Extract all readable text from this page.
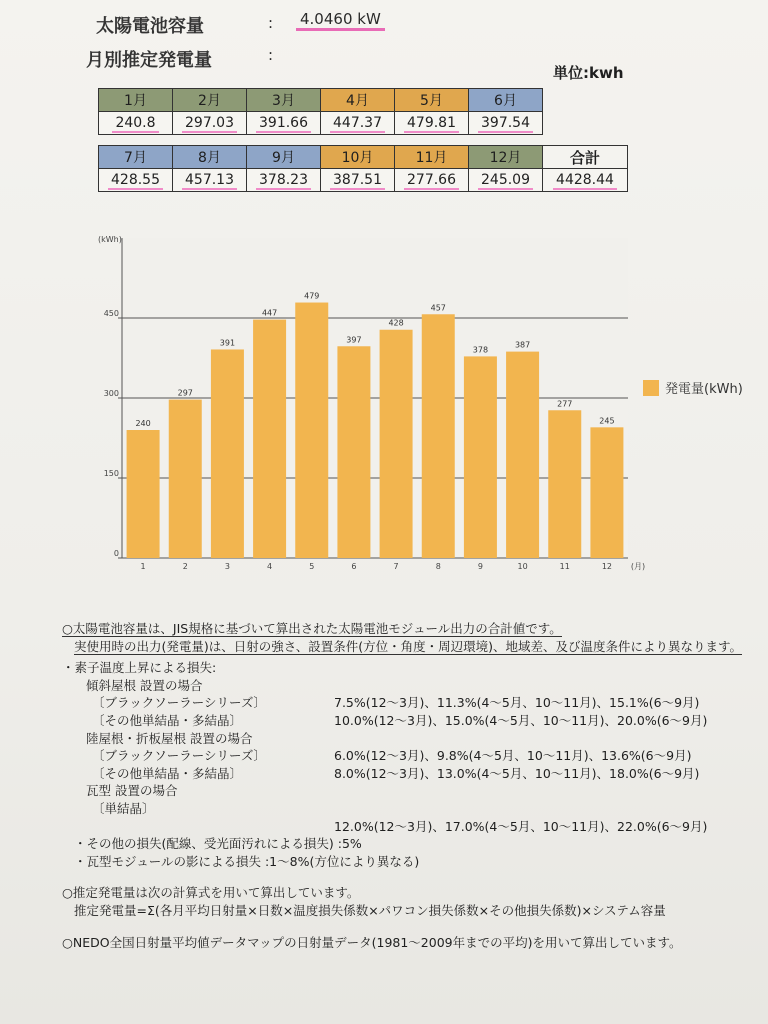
太陽電池容量	: 4.0460 kW
月別推定発電量	:
単位:kwh
1月	2月	3月	4月	5月	6月
240.8	297.03	391.66	447.37	479.81	397.54
7月	8月	9月	10月	11月	12月	合計
428.55	457.13	378.23	387.51	277.66	245.09	4428.44
0
150
300
450
(kWh)
240
1
297
2
391
3
447
4
479
5
397
6
428
7
457
8
378
9
387
10
277
11
245
12 (月)
発電量(kWh)
○太陽電池容量は、JIS規格に基づいて算出された太陽電池モジュール出力の合計値です。
実使用時の出力(発電量)は、日射の強さ、設置条件(方位・角度・周辺環境)、地域差、及び温度条件により異なります。
・素子温度上昇による損失:
傾斜屋根 設置の場合
〔ブラックソーラーシリーズ〕	7.5%(12〜3月)、11.3%(4〜5月、10〜11月)、15.1%(6〜9月)
〔その他単結晶・多結晶〕	10.0%(12〜3月)、15.0%(4〜5月、10〜11月)、20.0%(6〜9月)
陸屋根・折板屋根 設置の場合
〔ブラックソーラーシリーズ〕	6.0%(12〜3月)、9.8%(4〜5月、10〜11月)、13.6%(6〜9月)
〔その他単結晶・多結晶〕	8.0%(12〜3月)、13.0%(4〜5月、10〜11月)、18.0%(6〜9月)
瓦型 設置の場合
〔単結晶〕
12.0%(12〜3月)、17.0%(4〜5月、10〜11月)、22.0%(6〜9月)
・その他の損失(配線、受光面汚れによる損失) :5%
・瓦型モジュールの影による損失 :1〜8%(方位により異なる)
○推定発電量は次の計算式を用いて算出しています。
推定発電量=Σ(各月平均日射量×日数×温度損失係数×パワコン損失係数×その他損失係数)×システム容量
○NEDO全国日射量平均値データマップの日射量データ(1981〜2009年までの平均)を用いて算出しています。
